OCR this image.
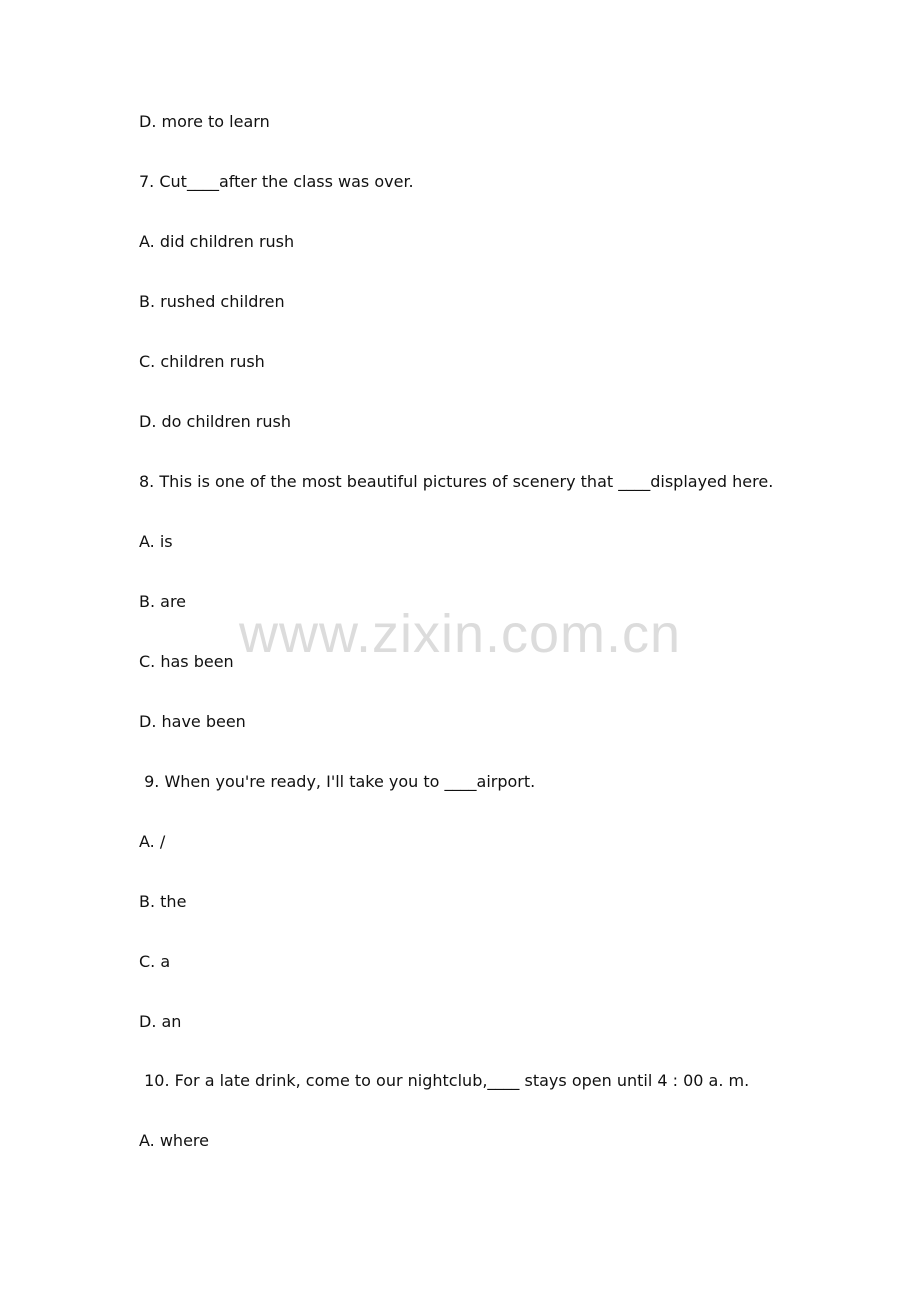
www.zixin.com.cn
D. more to learn
7. Cut____after the class was over.
A. did children rush
B. rushed children
C. children rush
D. do children rush
8. This is one of the most beautiful pictures of scenery that ____displayed here.
A. is
B. are
C. has been
D. have been
9. When you're ready, I'll take you to ____airport.
A. /
B. the
C. a
D. an
10. For a late drink, come to our nightclub,____ stays open until 4 : 00 a. m.
A. where
